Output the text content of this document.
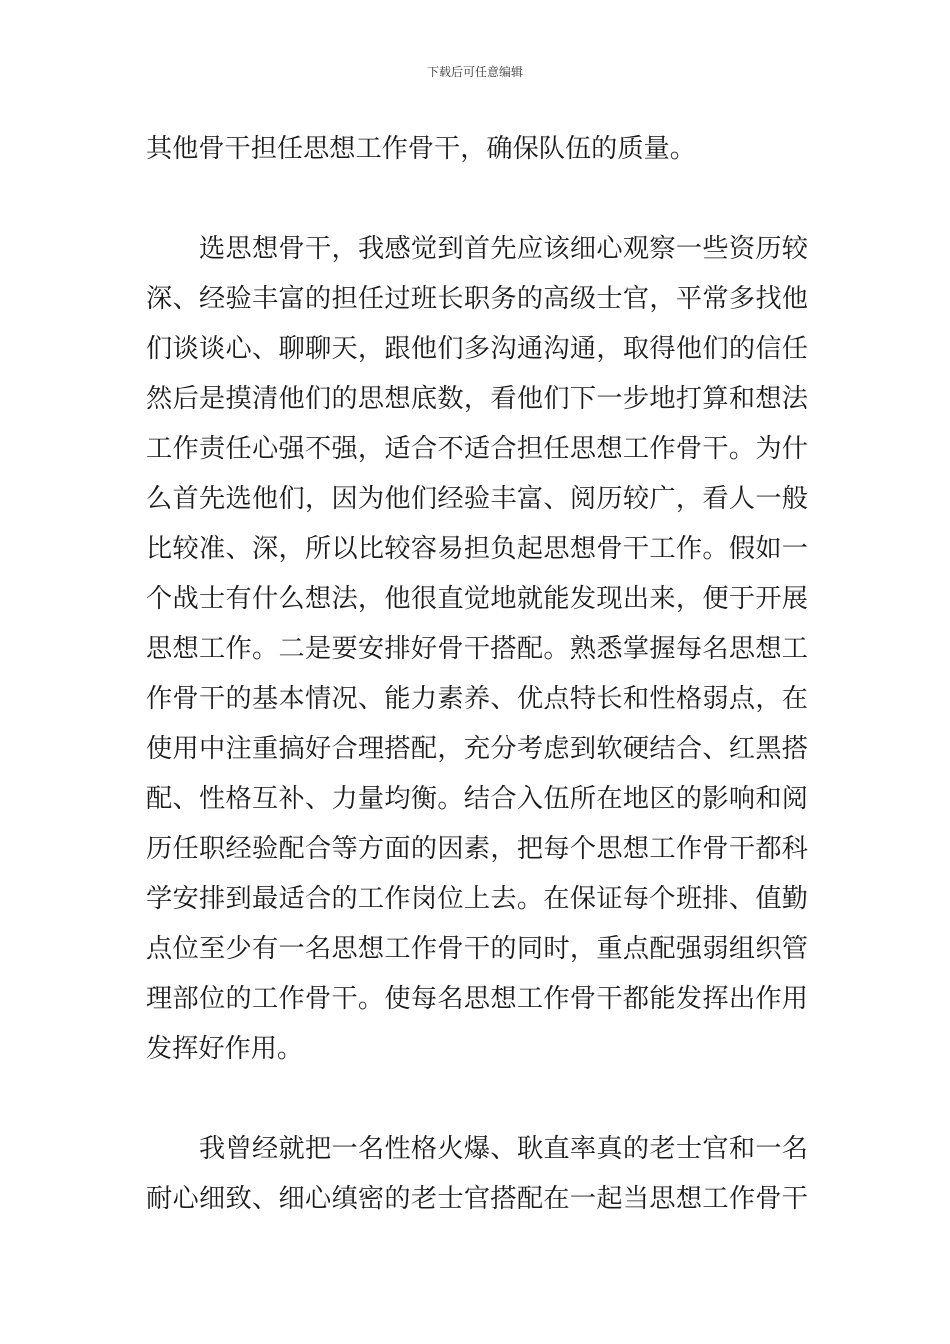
下载后可任意编辑
其他骨干担任思想工作骨干，确保队伍的质量。
选思想骨干，我感觉到首先应该细心观察一些资历较
深、经验丰富的担任过班长职务的高级士官，平常多找他
们谈谈心、聊聊天，跟他们多沟通沟通，取得他们的信任
然后是摸清他们的思想底数，看他们下一步地打算和想法
工作责任心强不强，适合不适合担任思想工作骨干。为什
么首先选他们，因为他们经验丰富、阅历较广，看人一般
比较准、深，所以比较容易担负起思想骨干工作。假如一
个战士有什么想法，他很直觉地就能发现出来，便于开展
思想工作。二是要安排好骨干搭配。熟悉掌握每名思想工
作骨干的基本情况、能力素养、优点特长和性格弱点，在
使用中注重搞好合理搭配，充分考虑到软硬结合、红黑搭
配、性格互补、力量均衡。结合入伍所在地区的影响和阅
历任职经验配合等方面的因素，把每个思想工作骨干都科
学安排到最适合的工作岗位上去。在保证每个班排、值勤
点位至少有一名思想工作骨干的同时，重点配强弱组织管
理部位的工作骨干。使每名思想工作骨干都能发挥出作用
发挥好作用。
我曾经就把一名性格火爆、耿直率真的老士官和一名
耐心细致、细心缜密的老士官搭配在一起当思想工作骨干
